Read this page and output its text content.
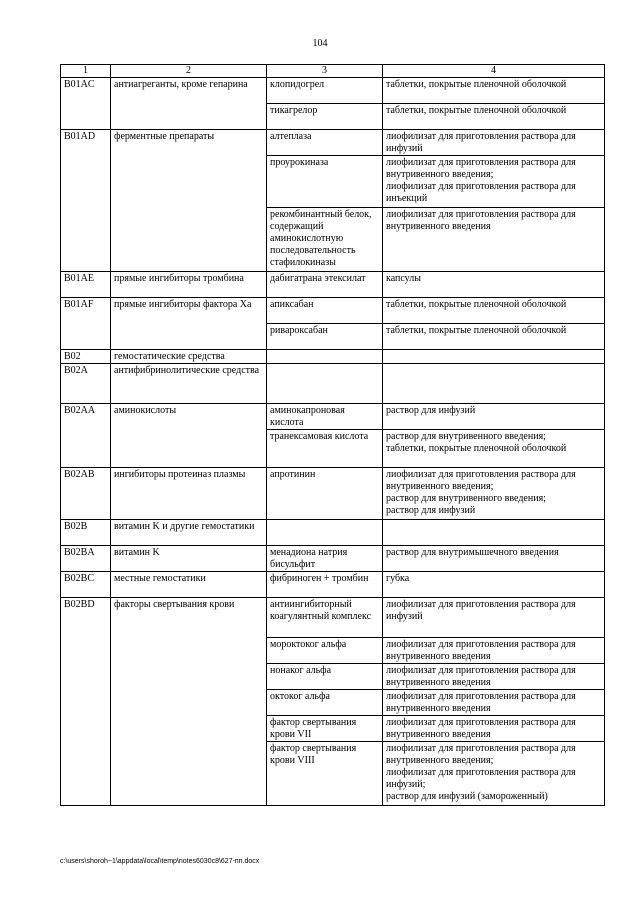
104
1	2	3	4
B01AC	антиагреганты, кроме гепарина	клопидогрел	таблетки, покрытые пленочной оболочкой

		тикагрелор	таблетки, покрытые пленочной оболочкой

B01AD	ферментные препараты	алтеплаза	лиофилизат для приготовления раствора для инфузий

		проурокиназа	лиофилизат для приготовления раствора для внутривенного введения;
лиофилизат для приготовления раствора для инъекций

		рекомбинантный белок, содержащий аминокислотную последовательность стафилокиназы	лиофилизат для приготовления раствора для внутривенного введения

B01AE	прямые ингибиторы тромбина	дабигатрана этексилат	капсулы

B01AF	прямые ингибиторы фактора Xa	апиксабан	таблетки, покрытые пленочной оболочкой

		ривароксабан	таблетки, покрытые пленочной оболочкой

B02	гемостатические средства		
B02A	антифибринолитические средства		
B02AA	аминокислоты	аминокапроновая кислота	раствор для инфузий

		транексамовая кислота	раствор для внутривенного введения;
таблетки, покрытые пленочной оболочкой

B02AB	ингибиторы протеиназ плазмы	апротинин	лиофилизат для приготовления раствора для внутривенного введения;
раствор для внутривенного введения;
раствор для инфузий

B02B	витамин K и другие гемостатики		
B02BA	витамин K	менадиона натрия бисульфит	раствор для внутримышечного введения

B02BC	местные гемостатики	фибриноген + тромбин	губка

B02BD	факторы свертывания крови	антиингибиторный коагулянтный комплекс	лиофилизат для приготовления раствора для инфузий

		мороктоког альфа	лиофилизат для приготовления раствора для внутривенного введения

		нонаког альфа	лиофилизат для приготовления раствора для внутривенного введения

		октоког альфа	лиофилизат для приготовления раствора для внутривенного введения

		фактор свертывания крови VII	лиофилизат для приготовления раствора для внутривенного введения

		фактор свертывания крови VIII	лиофилизат для приготовления раствора для внутривенного введения;
лиофилизат для приготовления раствора для инфузий;
раствор для инфузий (замороженный)
c:\users\shoroh~1\appdata\local\temp\notes6030c8\627-пп.docx
